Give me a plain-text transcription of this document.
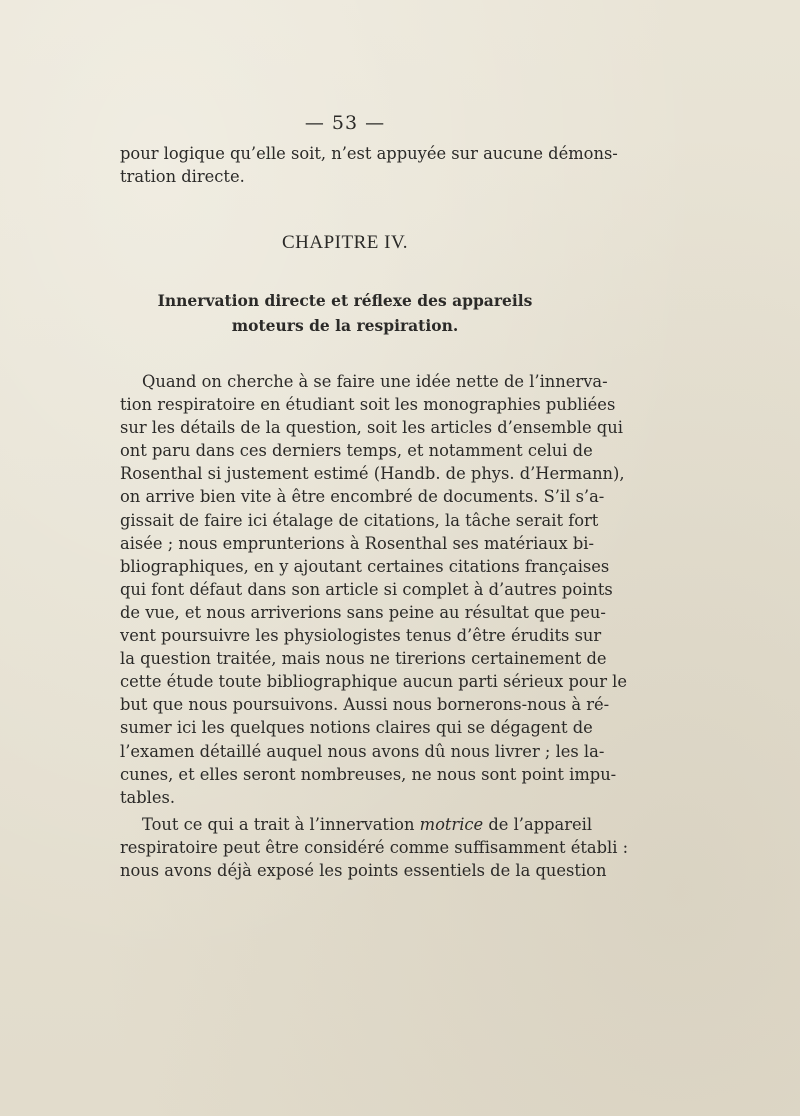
— 53 —
pour logique qu’elle soit, n’est appuyée sur aucune démons-
tration directe.
CHAPITRE IV.
Innervation directe et réflexe des appareils
moteurs de la respiration.
Quand on cherche à se faire une idée nette de l’innerva-
tion respiratoire en étudiant soit les monographies publiées
sur les détails de la question, soit les articles d’ensemble qui
ont paru dans ces derniers temps, et notamment celui de
Rosenthal si justement estimé (Handb. de phys. d’Hermann),
on arrive bien vite à être encombré de documents. S’il s’a-
gissait de faire ici étalage de citations, la tâche serait fort
aisée ; nous emprunterions à Rosenthal ses matériaux bi-
bliographiques, en y ajoutant certaines citations françaises
qui font défaut dans son article si complet à d’autres points
de vue, et nous arriverions sans peine au résultat que peu-
vent poursuivre les physiologistes tenus d’être érudits sur
la question traitée, mais nous ne tirerions certainement de
cette étude toute bibliographique aucun parti sérieux pour le
but que nous poursuivons. Aussi nous bornerons-nous à ré-
sumer ici les quelques notions claires qui se dégagent de
l’examen détaillé auquel nous avons dû nous livrer ; les la-
cunes, et elles seront nombreuses, ne nous sont point impu-
tables.
Tout ce qui a trait à l’innervation motrice de l’appareil
respiratoire peut être considéré comme suffisamment établi :
nous avons déjà exposé les points essentiels de la question
